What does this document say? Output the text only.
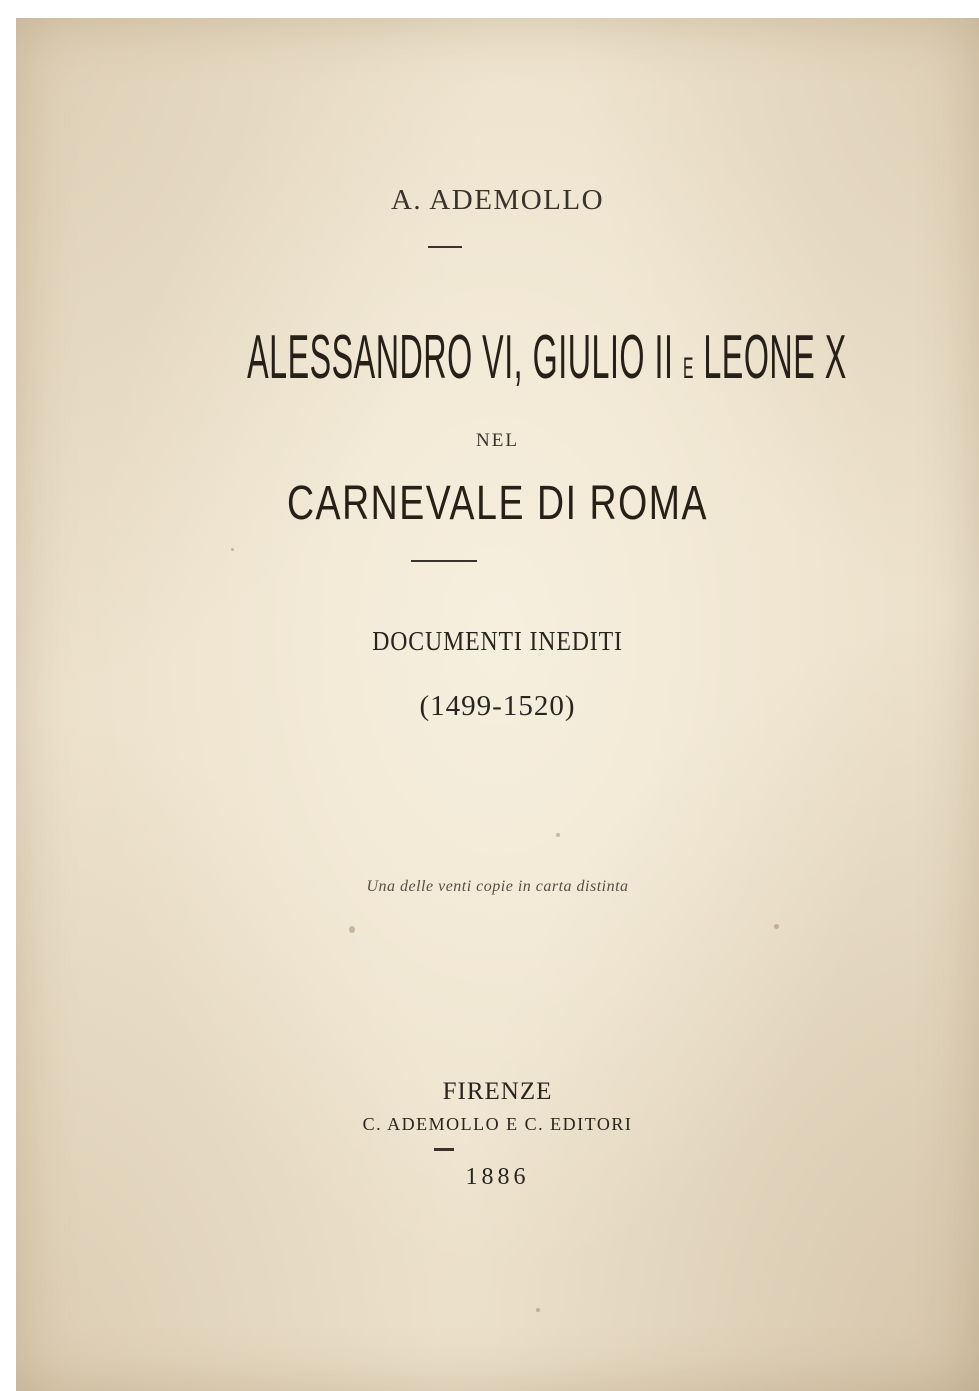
A. ADEMOLLO
ALESSANDRO VI, GIULIO II E LEONE X
NEL
CARNEVALE DI ROMA
DOCUMENTI INEDITI
(1499-1520)
Una delle venti copie in carta distinta
FIRENZE
C. ADEMOLLO E C. EDITORI
1886
